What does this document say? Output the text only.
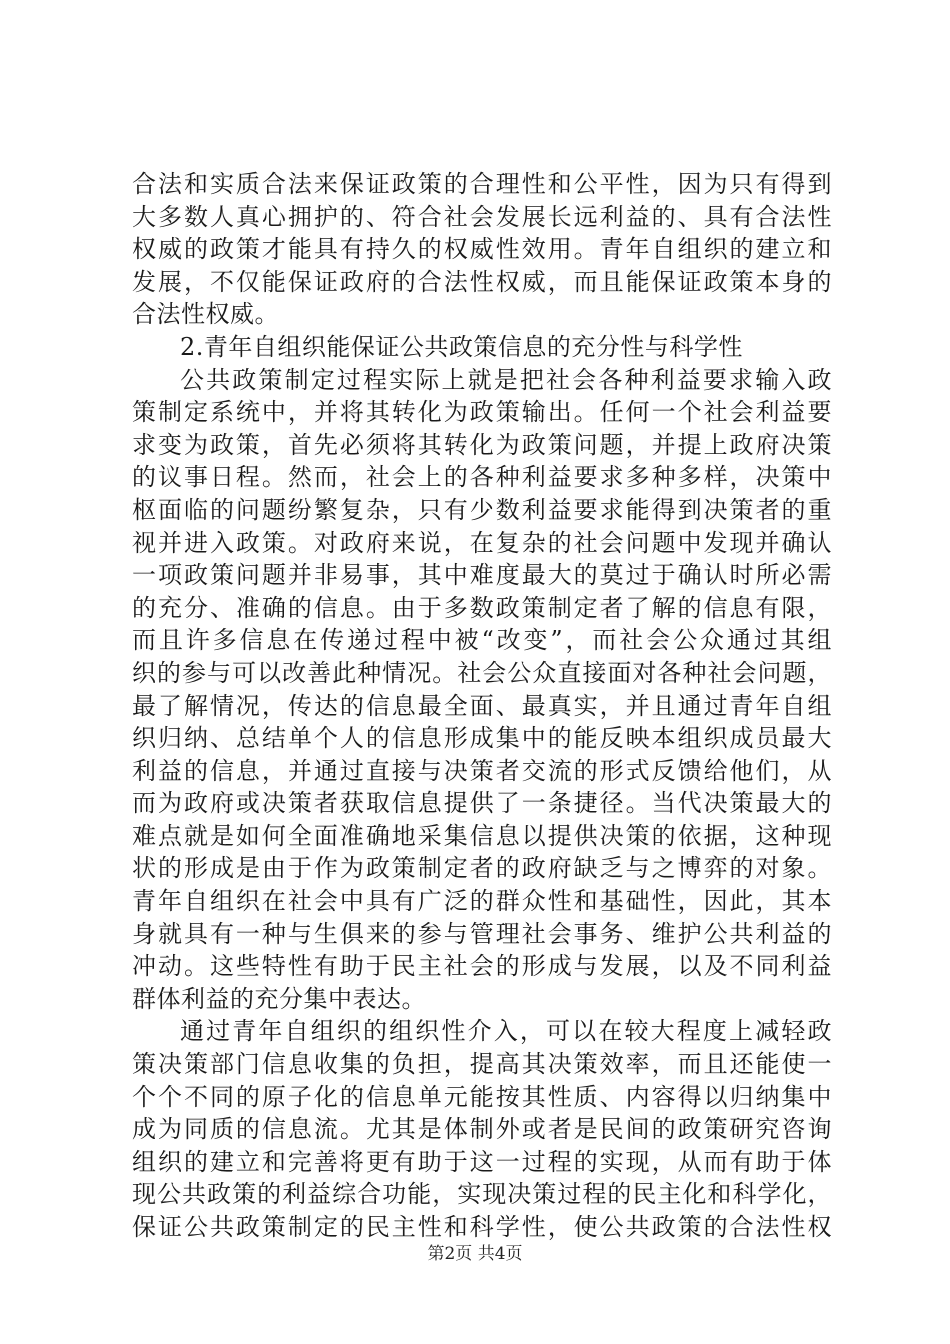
合法和实质合法来保证政策的合理性和公平性，因为只有得到
大多数人真心拥护的、符合社会发展长远利益的、具有合法性
权威的政策才能具有持久的权威性效用。青年自组织的建立和
发展，不仅能保证政府的合法性权威，而且能保证政策本身的
合法性权威。
2.青年自组织能保证公共政策信息的充分性与科学性
公共政策制定过程实际上就是把社会各种利益要求输入政
策制定系统中，并将其转化为政策输出。任何一个社会利益要
求变为政策，首先必须将其转化为政策问题，并提上政府决策
的议事日程。然而，社会上的各种利益要求多种多样，决策中
枢面临的问题纷繁复杂，只有少数利益要求能得到决策者的重
视并进入政策。对政府来说，在复杂的社会问题中发现并确认
一项政策问题并非易事，其中难度最大的莫过于确认时所必需
的充分、准确的信息。由于多数政策制定者了解的信息有限，
而且许多信息在传递过程中被“改变”，而社会公众通过其组
织的参与可以改善此种情况。社会公众直接面对各种社会问题，
最了解情况，传达的信息最全面、最真实，并且通过青年自组
织归纳、总结单个人的信息形成集中的能反映本组织成员最大
利益的信息，并通过直接与决策者交流的形式反馈给他们，从
而为政府或决策者获取信息提供了一条捷径。当代决策最大的
难点就是如何全面准确地采集信息以提供决策的依据，这种现
状的形成是由于作为政策制定者的政府缺乏与之博弈的对象。
青年自组织在社会中具有广泛的群众性和基础性，因此，其本
身就具有一种与生俱来的参与管理社会事务、维护公共利益的
冲动。这些特性有助于民主社会的形成与发展，以及不同利益
群体利益的充分集中表达。
通过青年自组织的组织性介入，可以在较大程度上减轻政
策决策部门信息收集的负担，提高其决策效率，而且还能使一
个个不同的原子化的信息单元能按其性质、内容得以归纳集中
成为同质的信息流。尤其是体制外或者是民间的政策研究咨询
组织的建立和完善将更有助于这一过程的实现，从而有助于体
现公共政策的利益综合功能，实现决策过程的民主化和科学化，
保证公共政策制定的民主性和科学性，使公共政策的合法性权
第2页 共4页
